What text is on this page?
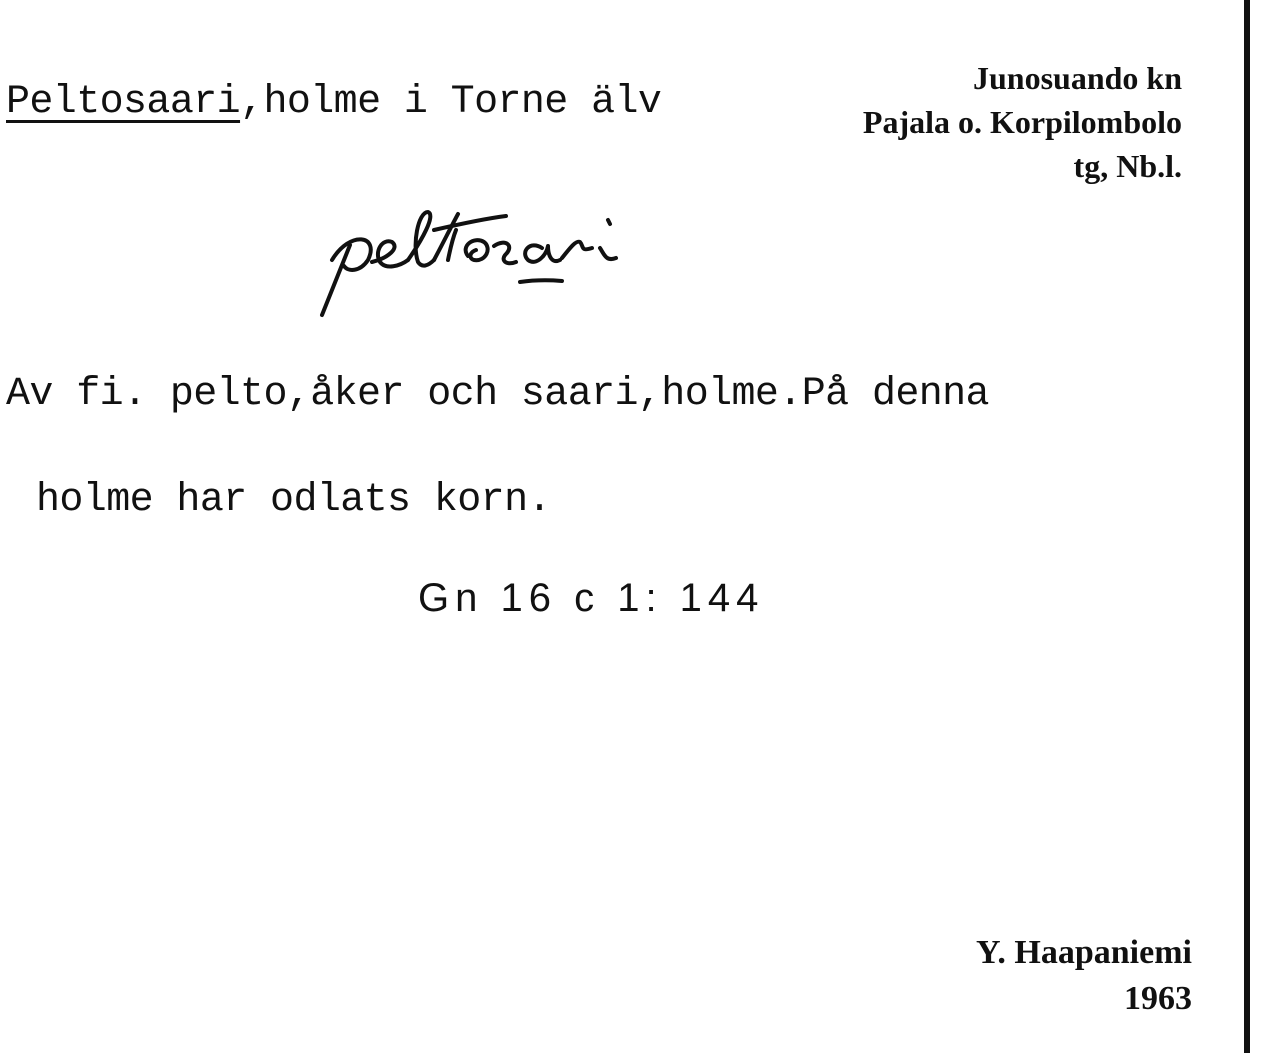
Peltosaari,holme i Torne älv
Junosuando kn
Pajala o. Korpilombolo
tg, Nb.l.
Av fi. pelto,åker och saari,holme.På denna
holme har odlats korn.
Gn 16 c 1: 144
Y. Haapaniemi
1963
